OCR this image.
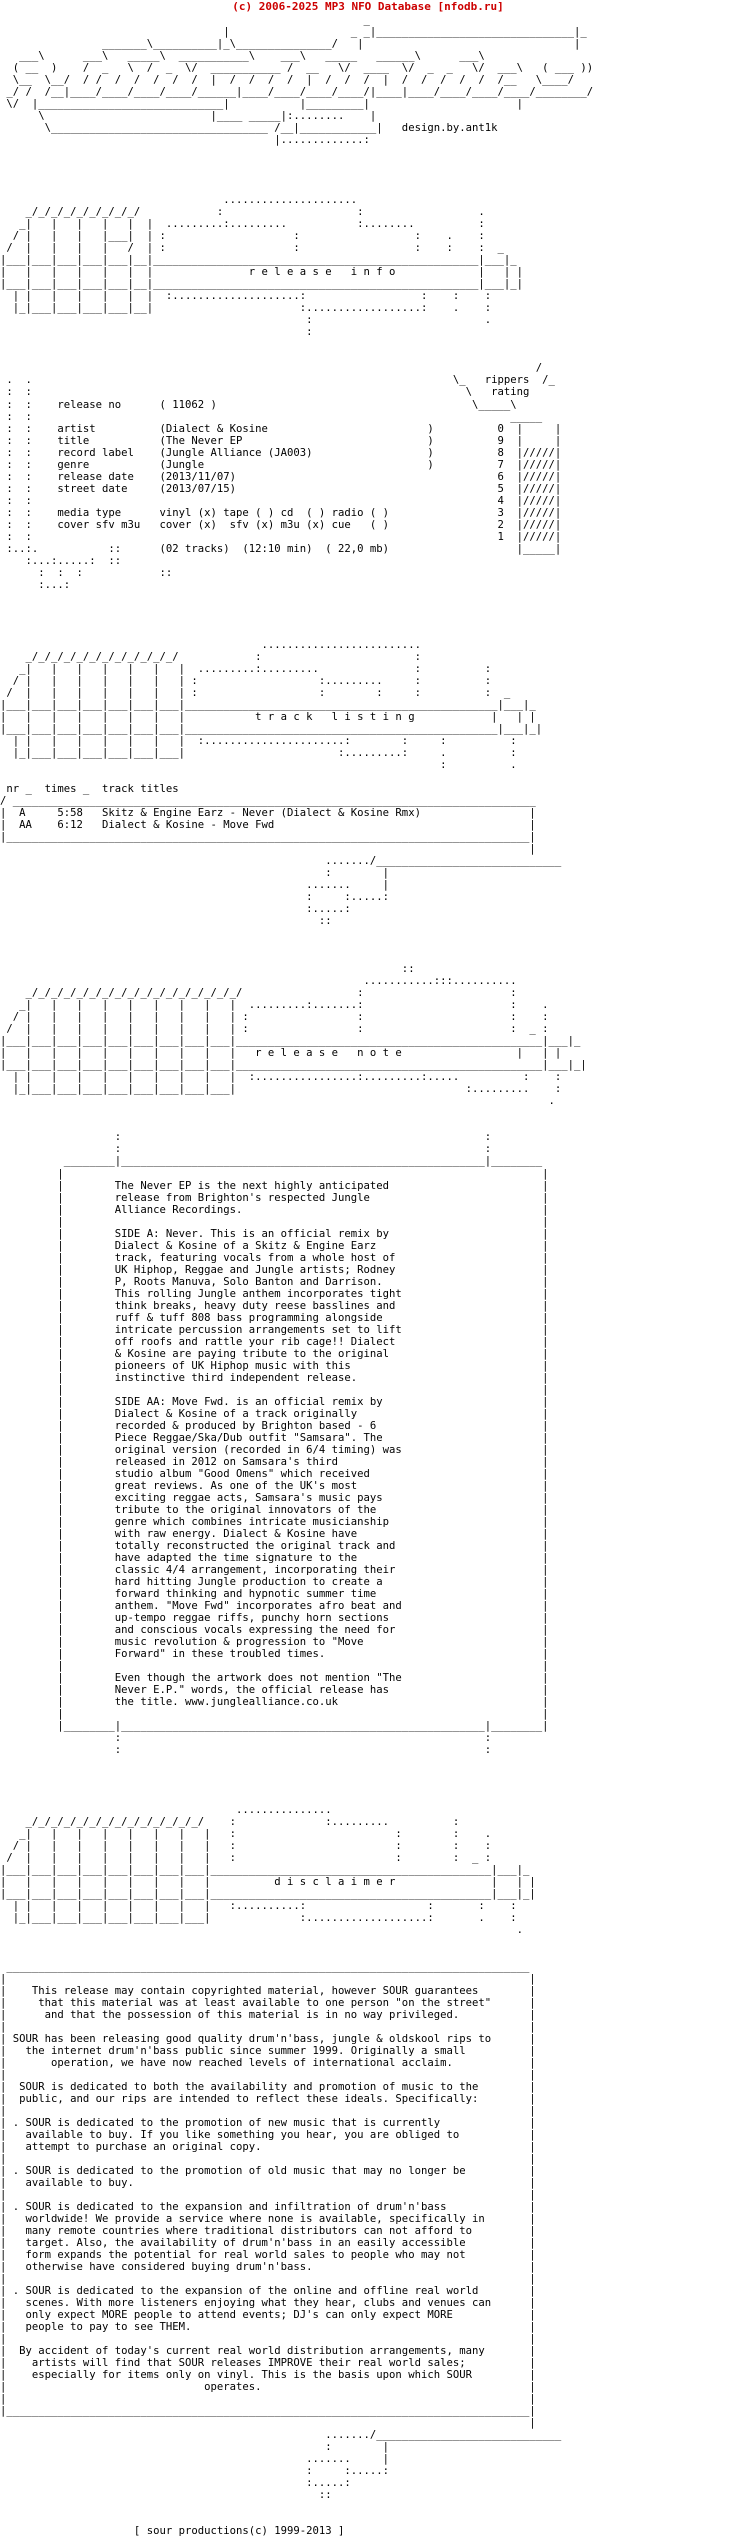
(c) 2006-2025 MP3 NFO Database [nfodb.ru]
_
|                   _ _|_______________________________|_
_______\__________|_\_______________/   |                                 |
___\      ___\   _____\  ___________\    ___\   _____   ______\      ___\
( __  )    /  _   \  /  _  \/  ___________ /  __   \/  ____  \/  _  _   \/  ___\   ( ___ ))
\__  \__/  / /  /  /  /  /  /  |  /  /  /  /  |  /  /  /  |  /  /  /  /  /  /__   \____/
_/ /  /__|____/____/____/____/______|____/____/____/____/|____|____/____/____/____/________/
\/  |_____________________________|           |_________|                       |
\                          |____ _____|:........    |
\__________________________________ /__|____________|   design.by.ant1k
|.............:

.....................
_/_/_/_/_/_/_/_/_/            :                     :                  .
_|   |   |   |   |  |  .........:.........           :........          :
/ |   |   |   |___|  | :                    :                  :    .    :
/  |   |   |   |   /  | :                    :                  :    :    :  _
|___|___|___|___|___|__|___________________________________________________|___|_
|   |   |   |   |   |  |               r e l e a s e   i n f o             |   | |
|___|___|___|___|___|__|___________________________________________________|___|_|
| |   |   |   |   |  |  :....................:                  :    :    :
|_|___|___|___|___|__|                       :..................:    .    :
:                           .
:

/
.  .                                                                  \_   rippers  /_
:  :                                                                    \   rating
:  :    release no      ( 11062 )                                        \_____\
:  :                                                                           _____
:  :    artist          (Dialect & Kosine                         )          0  |     |
:  :    title           (The Never EP                             )          9  |     |
:  :    record label    (Jungle Alliance (JA003)                  )          8  |/////|
:  :    genre           (Jungle                                   )          7  |/////|
:  :    release date    (2013/11/07)                                         6  |/////|
:  :    street date     (2013/07/15)                                         5  |/////|
:  :                                                                         4  |/////|
:  :    media type      vinyl (x) tape ( ) cd  ( ) radio ( )                 3  |/////|
:  :    cover sfv m3u   cover (x)  sfv (x) m3u (x) cue   ( )                 2  |/////|
:  :                                                                         1  |/////|
:..:.           ::      (02 tracks)  (12:10 min)  ( 22,0 mb)                    |_____|
:...:.....:  ::
:  :  :            ::
:...:

.........................
_/_/_/_/_/_/_/_/_/_/_/_/            :                        :
_|   |   |   |   |   |   |  .........:.........               :          :
/ |   |   |   |   |   |   | :                   :.........     :          :
/  |   |   |   |   |   |   | :                   :        :     :          :  _
|___|___|___|___|___|___|___|_________________________________________________|___|_
|   |   |   |   |   |   |   |           t r a c k   l i s t i n g            |   | |
|___|___|___|___|___|___|___|_________________________________________________|___|_|
| |   |   |   |   |   |   |  :......................:        :     :          :
|_|___|___|___|___|___|___|                        :.........:     .          :
:          .

nr _  times _  track titles
/ __________________________________________________________________________________
|  A     5:58   Skitz & Engine Earz - Never (Dialect & Kosine Rmx)                 |
|  AA    6:12   Dialect & Kosine - Move Fwd                                        |
|__________________________________________________________________________________|
|
......./_____________________________
:        |
.......     |
:     :.....:
:.....:
::

::
...........:::..........
_/_/_/_/_/_/_/_/_/_/_/_/_/_/_/_/_/                  :                       :
_|   |   |   |   |   |   |   |   |  .........:.......:                       :    .
/ |   |   |   |   |   |   |   |   | :                 :                       :    :
/  |   |   |   |   |   |   |   |   | :                 :                       :  _ :
|___|___|___|___|___|___|___|___|___|________________________________________________|___|_
|   |   |   |   |   |   |   |   |   |   r e l e a s e   n o t e                  |   | |
|___|___|___|___|___|___|___|___|___|________________________________________________|___|_|
| |   |   |   |   |   |   |   |   |  :................:.........:.....          :    :
|_|___|___|___|___|___|___|___|___|                                    :.........    :
.

:                                                         :
:                                                         :
________|_________________________________________________________|________
|                                                                           |
|        The Never EP is the next highly anticipated                        |
|        release from Brighton's respected Jungle                           |
|        Alliance Recordings.                                               |
|                                                                           |
|        SIDE A: Never. This is an official remix by                        |
|        Dialect & Kosine of a Skitz & Engine Earz                          |
|        track, featuring vocals from a whole host of                       |
|        UK Hiphop, Reggae and Jungle artists; Rodney                       |
|        P, Roots Manuva, Solo Banton and Darrison.                         |
|        This rolling Jungle anthem incorporates tight                      |
|        think breaks, heavy duty reese basslines and                       |
|        ruff & tuff 808 bass programming alongside                         |
|        intricate percussion arrangements set to lift                      |
|        off roofs and rattle your rib cage!! Dialect                       |
|        & Kosine are paying tribute to the original                        |
|        pioneers of UK Hiphop music with this                              |
|        instinctive third independent release.                             |
|                                                                           |
|        SIDE AA: Move Fwd. is an official remix by                         |
|        Dialect & Kosine of a track originally                             |
|        recorded & produced by Brighton based - 6                          |
|        Piece Reggae/Ska/Dub outfit "Samsara". The                         |
|        original version (recorded in 6/4 timing) was                      |
|        released in 2012 on Samsara's third                                |
|        studio album "Good Omens" which received                           |
|        great reviews. As one of the UK's most                             |
|        exciting reggae acts, Samsara's music pays                         |
|        tribute to the original innovators of the                          |
|        genre which combines intricate musicianship                        |
|        with raw energy. Dialect & Kosine have                             |
|        totally reconstructed the original track and                       |
|        have adapted the time signature to the                             |
|        classic 4/4 arrangement, incorporating their                       |
|        hard hitting Jungle production to create a                         |
|        forward thinking and hypnotic summer time                          |
|        anthem. "Move Fwd" incorporates afro beat and                      |
|        up-tempo reggae riffs, punchy horn sections                        |
|        and conscious vocals expressing the need for                       |
|        music revolution & progression to "Move                            |
|        Forward" in these troubled times.                                  |
|                                                                           |
|        Even though the artwork does not mention "The                      |
|        Never E.P." words, the official release has                        |
|        the title. www.junglealliance.co.uk                                |
|                                                                           |
|________|_________________________________________________________|________|
:                                                         :
:                                                         :

...............
_/_/_/_/_/_/_/_/_/_/_/_/_/_/    :              :.........          :
_|   |   |   |   |   |   |   |   :                         :        :    .
/ |   |   |   |   |   |   |   |   :                         :        :    :
/  |   |   |   |   |   |   |   |   :                         :        :  _ :
|___|___|___|___|___|___|___|___|____________________________________________|___|_
|   |   |   |   |   |   |   |   |          d i s c l a i m e r               |   | |
|___|___|___|___|___|___|___|___|____________________________________________|___|_|
| |   |   |   |   |   |   |   |   :..........:                   :       :    :
|_|___|___|___|___|___|___|___|              :...................:       .    :
.

__________________________________________________________________________________
|                                                                                  |
|    This release may contain copyrighted material, however SOUR guarantees        |
|     that this material was at least available to one person "on the street"      |
|      and that the possession of this material is in no way privileged.           |
|                                                                                  |
| SOUR has been releasing good quality drum'n'bass, jungle & oldskool rips to      |
|   the internet drum'n'bass public since summer 1999. Originally a small          |
|       operation, we have now reached levels of international acclaim.            |
|                                                                                  |
|  SOUR is dedicated to both the availability and promotion of music to the        |
|  public, and our rips are intended to reflect these ideals. Specifically:        |
|                                                                                  |
| . SOUR is dedicated to the promotion of new music that is currently              |
|   available to buy. If you like something you hear, you are obliged to           |
|   attempt to purchase an original copy.                                          |
|                                                                                  |
| . SOUR is dedicated to the promotion of old music that may no longer be          |
|   available to buy.                                                              |
|                                                                                  |
| . SOUR is dedicated to the expansion and infiltration of drum'n'bass             |
|   worldwide! We provide a service where none is available, specifically in       |
|   many remote countries where traditional distributors can not afford to         |
|   target. Also, the availability of drum'n'bass in an easily accessible          |
|   form expands the potential for real world sales to people who may not          |
|   otherwise have considered buying drum'n'bass.                                  |
|                                                                                  |
| . SOUR is dedicated to the expansion of the online and offline real world        |
|   scenes. With more listeners enjoying what they hear, clubs and venues can      |
|   only expect MORE people to attend events; DJ's can only expect MORE            |
|   people to pay to see THEM.                                                     |
|                                                                                  |
|  By accident of today's current real world distribution arrangements, many       |
|    artists will find that SOUR releases IMPROVE their real world sales;          |
|    especially for items only on vinyl. This is the basis upon which SOUR         |
|                               operates.                                          |
|                                                                                  |
|__________________________________________________________________________________|
|
......./_____________________________
:        |
.......     |
:     :.....:
:.....:
::

[ sour productions(c) 1999-2013 ]
